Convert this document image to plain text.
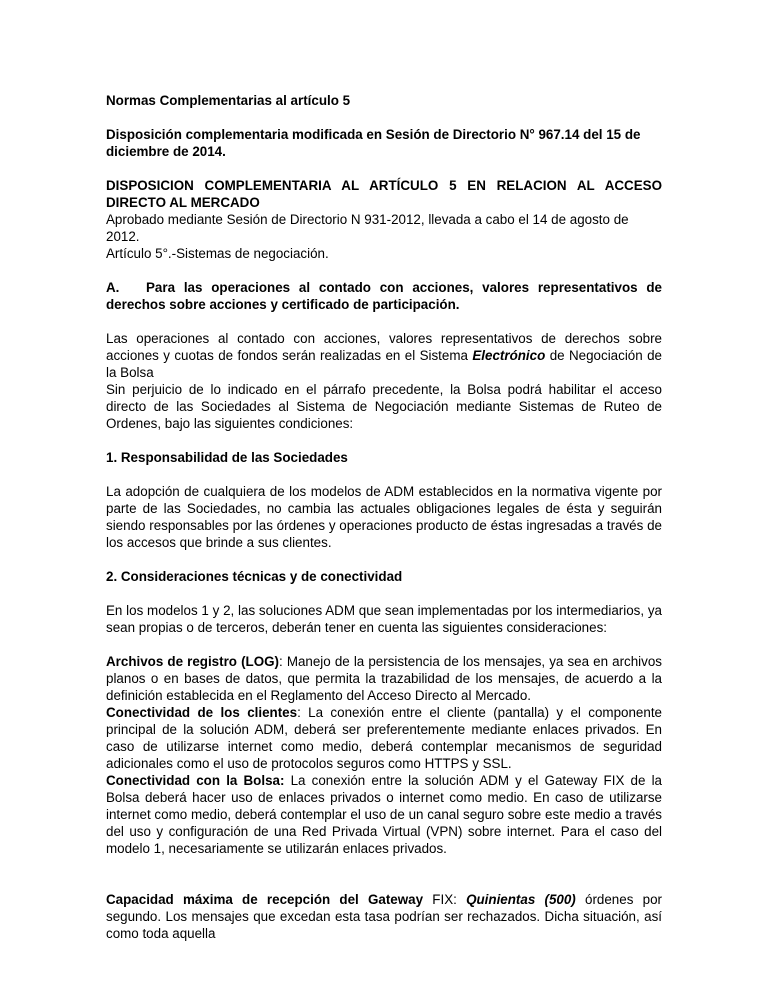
Normas Complementarias al artículo 5

Disposición complementaria modificada en Sesión de Directorio N° 967.14 del 15 de diciembre de 2014.

DISPOSICION COMPLEMENTARIA AL ARTÍCULO 5 EN RELACION AL ACCESO DIRECTO AL MERCADO

Aprobado mediante Sesión de Directorio N 931-2012, llevada a cabo el 14 de agosto de 2012.

Artículo 5°.-Sistemas de negociación.

A.	Para las operaciones al contado con acciones, valores representativos de derechos sobre acciones y certificado de participación.

Las operaciones al contado con acciones, valores representativos de derechos sobre acciones y cuotas de fondos serán realizadas en el Sistema Electrónico de Negociación de la Bolsa

Sin perjuicio de lo indicado en el párrafo precedente, la Bolsa podrá habilitar el acceso directo de las Sociedades al Sistema de Negociación mediante Sistemas de Ruteo de Ordenes, bajo las siguientes condiciones:

1. Responsabilidad de las Sociedades

La adopción de cualquiera de los modelos de ADM establecidos en la normativa vigente por parte de las Sociedades, no cambia las actuales obligaciones legales de ésta y seguirán siendo responsables por las órdenes y operaciones producto de éstas ingresadas a través de los accesos que brinde a sus clientes.

2. Consideraciones técnicas y de conectividad

En los modelos 1 y 2, las soluciones ADM que sean implementadas por los intermediarios, ya sean propias o de terceros, deberán tener en cuenta las siguientes consideraciones:

Archivos de registro (LOG): Manejo de la persistencia de los mensajes, ya sea en archivos planos o en bases de datos, que permita la trazabilidad de los mensajes, de acuerdo a la definición establecida en el Reglamento del Acceso Directo al Mercado.

Conectividad de los clientes: La conexión entre el cliente (pantalla) y el componente principal de la solución ADM, deberá ser preferentemente mediante enlaces privados. En caso de utilizarse internet como medio, deberá contemplar mecanismos de seguridad adicionales como el uso de protocolos seguros como HTTPS y SSL.

Conectividad con la Bolsa: La conexión entre la solución ADM y el Gateway FIX de la Bolsa deberá hacer uso de enlaces privados o internet como medio. En caso de utilizarse internet como medio, deberá contemplar el uso de un canal seguro sobre este medio a través del uso y configuración de una Red Privada Virtual (VPN) sobre internet. Para el caso del modelo 1, necesariamente se utilizarán enlaces privados.

Capacidad máxima de recepción del Gateway FIX: Quinientas (500) órdenes por segundo. Los mensajes que excedan esta tasa podrían ser rechazados. Dicha situación, así como toda aquella
